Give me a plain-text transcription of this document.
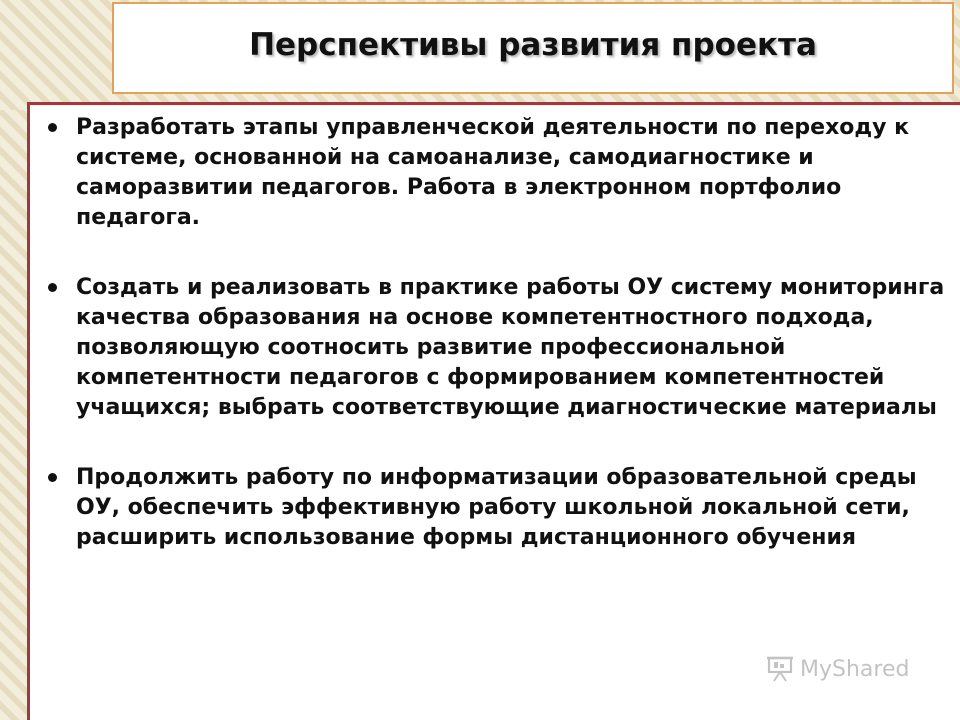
Перспективы развития проекта
Разработать этапы управленческой деятельности по переходу к системе, основанной на самоанализе, самодиагностике и саморазвитии педагогов. Работа в электронном портфолио педагога.
Создать и реализовать в практике работы ОУ систему мониторинга качества образования на основе компетентностного подхода, позволяющую соотносить развитие профессиональной компетентности педагогов с формированием компетентностей учащихся; выбрать соответствующие диагностические материалы
Продолжить работу по информатизации образовательной среды ОУ, обеспечить эффективную работу школьной локальной сети, расширить использование формы дистанционного обучения
MyShared
